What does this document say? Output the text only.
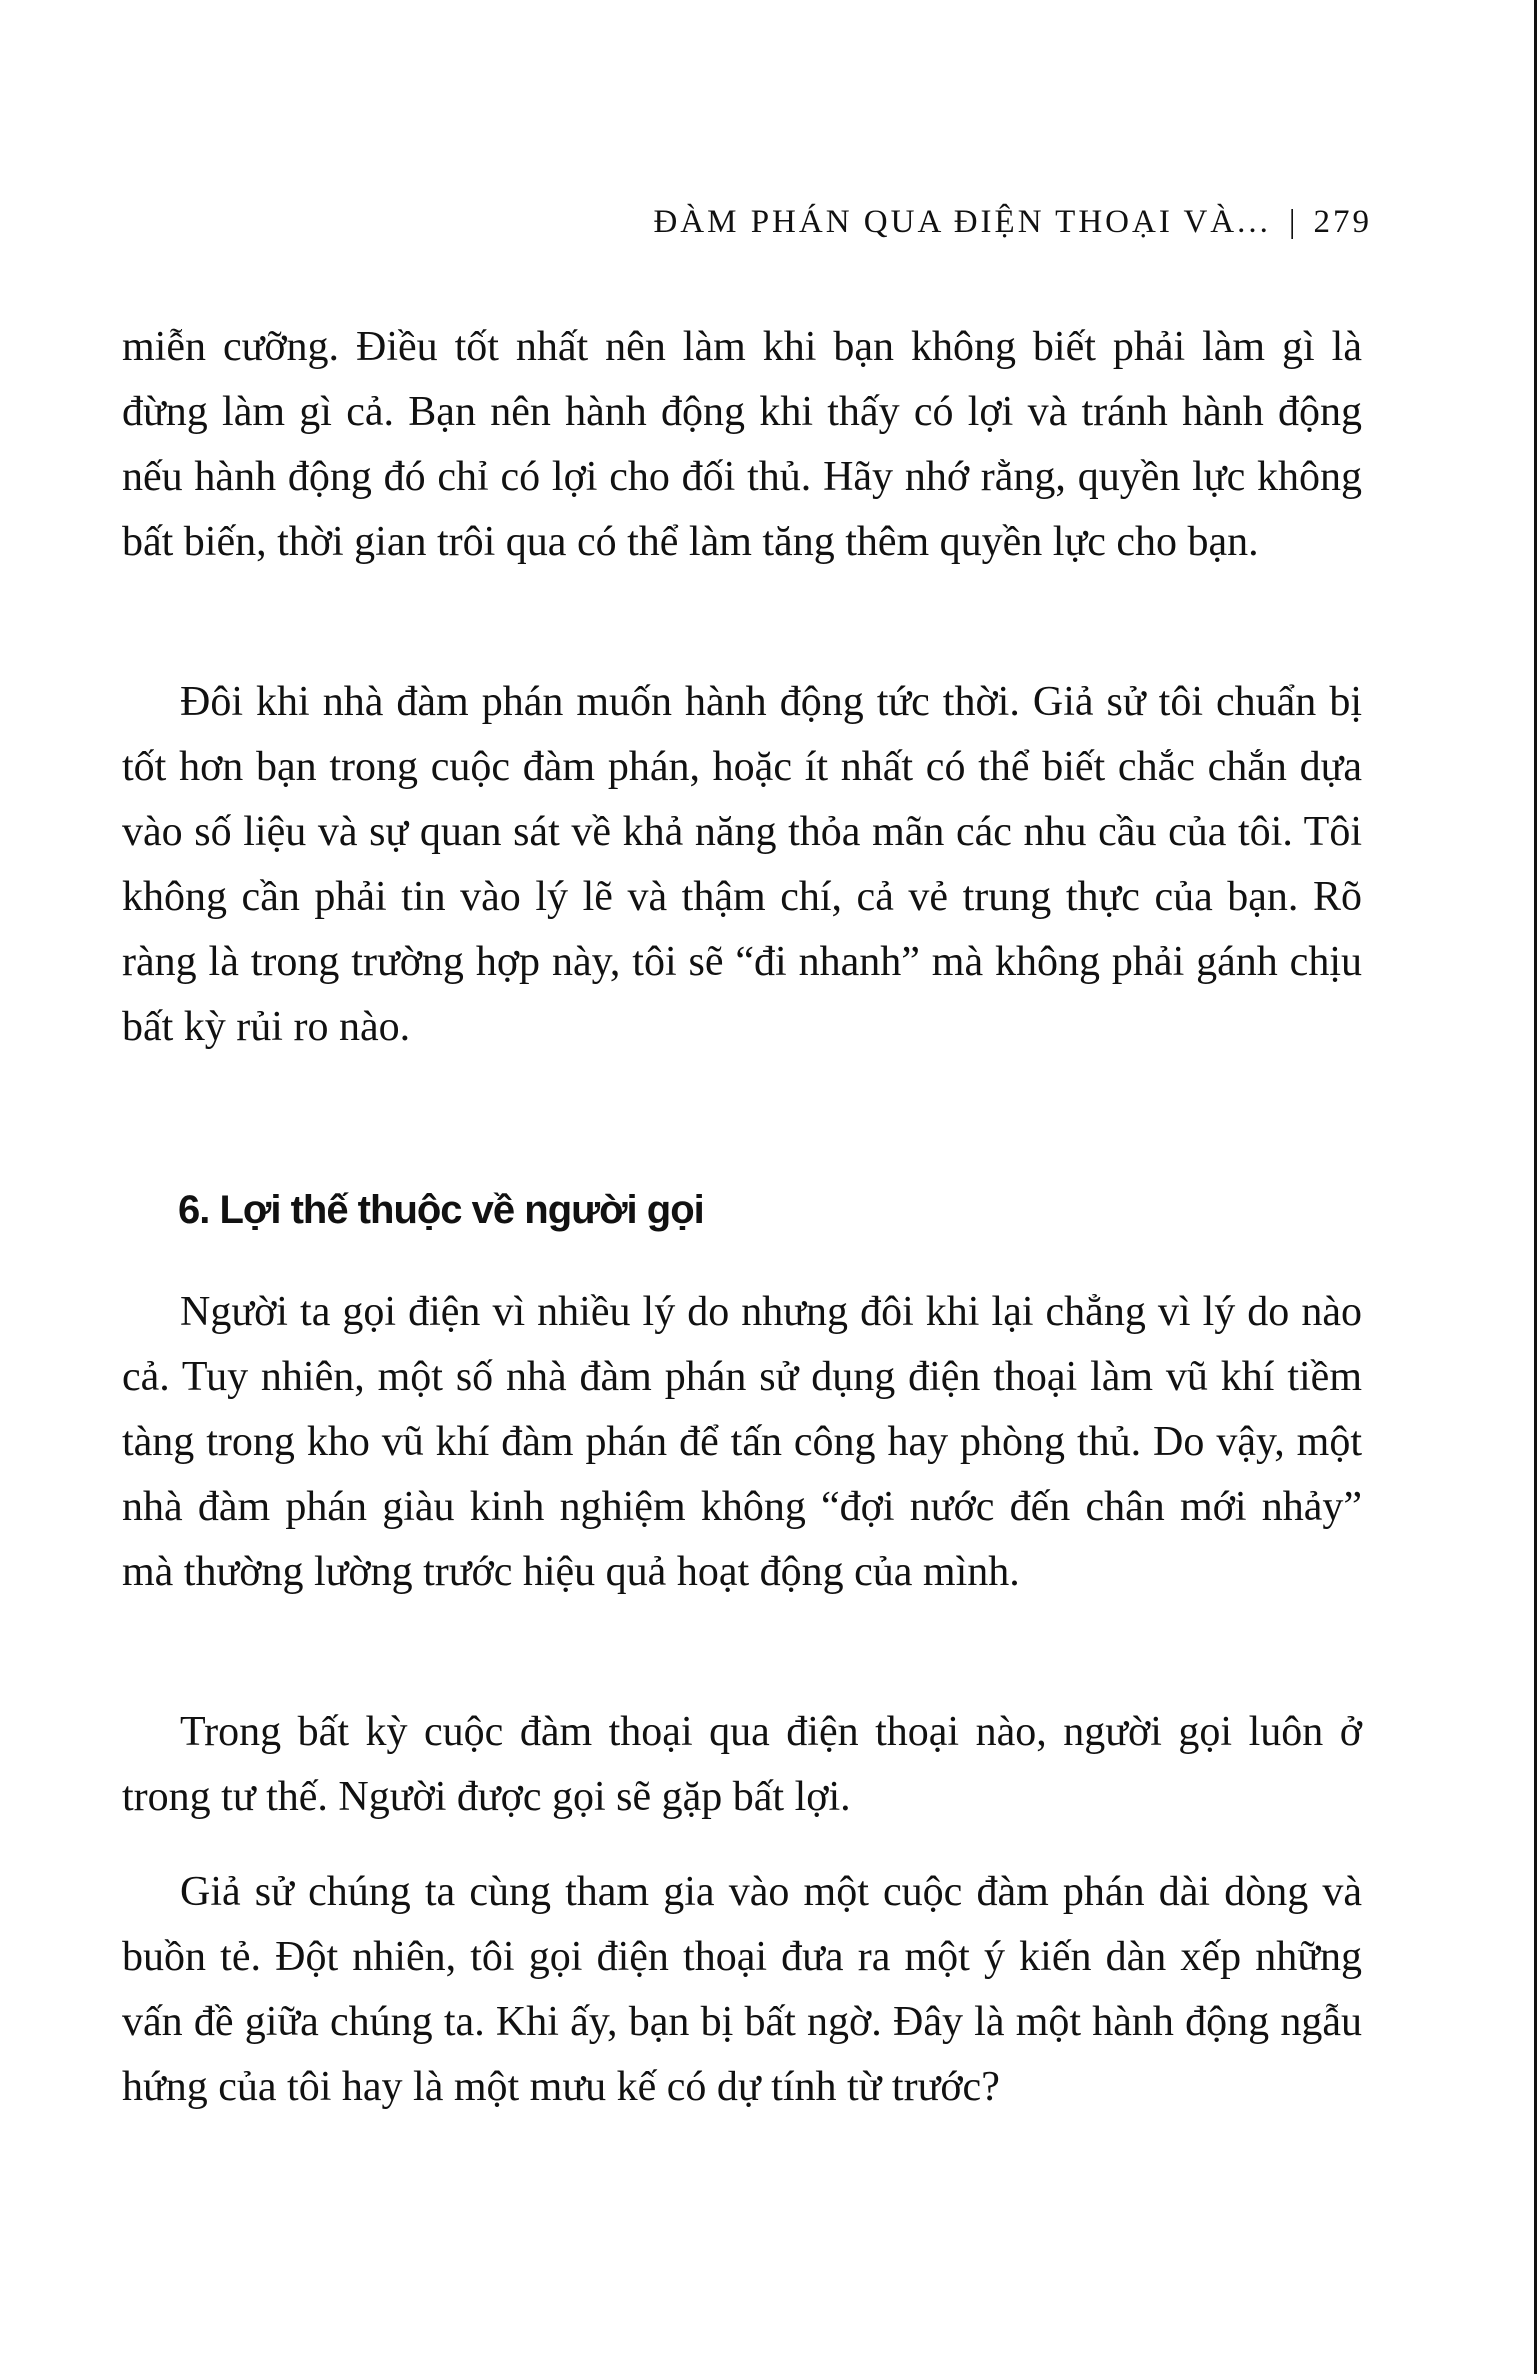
ĐÀM PHÁN QUA ĐIỆN THOẠI VÀ... | 279

miễn cưỡng. Điều tốt nhất nên làm khi bạn không biết phải làm gì là đừng làm gì cả. Bạn nên hành động khi thấy có lợi và tránh hành động nếu hành động đó chỉ có lợi cho đối thủ. Hãy nhớ rằng, quyền lực không bất biến, thời gian trôi qua có thể làm tăng thêm quyền lực cho bạn.

Đôi khi nhà đàm phán muốn hành động tức thời. Giả sử tôi chuẩn bị tốt hơn bạn trong cuộc đàm phán, hoặc ít nhất có thể biết chắc chắn dựa vào số liệu và sự quan sát về khả năng thỏa mãn các nhu cầu của tôi. Tôi không cần phải tin vào lý lẽ và thậm chí, cả vẻ trung thực của bạn. Rõ ràng là trong trường hợp này, tôi sẽ “đi nhanh” mà không phải gánh chịu bất kỳ rủi ro nào.

6. Lợi thế thuộc về người gọi

Người ta gọi điện vì nhiều lý do nhưng đôi khi lại chẳng vì lý do nào cả. Tuy nhiên, một số nhà đàm phán sử dụng điện thoại làm vũ khí tiềm tàng trong kho vũ khí đàm phán để tấn công hay phòng thủ. Do vậy, một nhà đàm phán giàu kinh nghiệm không “đợi nước đến chân mới nhảy” mà thường lường trước hiệu quả hoạt động của mình.

Trong bất kỳ cuộc đàm thoại qua điện thoại nào, người gọi luôn ở trong tư thế. Người được gọi sẽ gặp bất lợi.

Giả sử chúng ta cùng tham gia vào một cuộc đàm phán dài dòng và buồn tẻ. Đột nhiên, tôi gọi điện thoại đưa ra một ý kiến dàn xếp những vấn đề giữa chúng ta. Khi ấy, bạn bị bất ngờ. Đây là một hành động ngẫu hứng của tôi hay là một mưu kế có dự tính từ trước?
